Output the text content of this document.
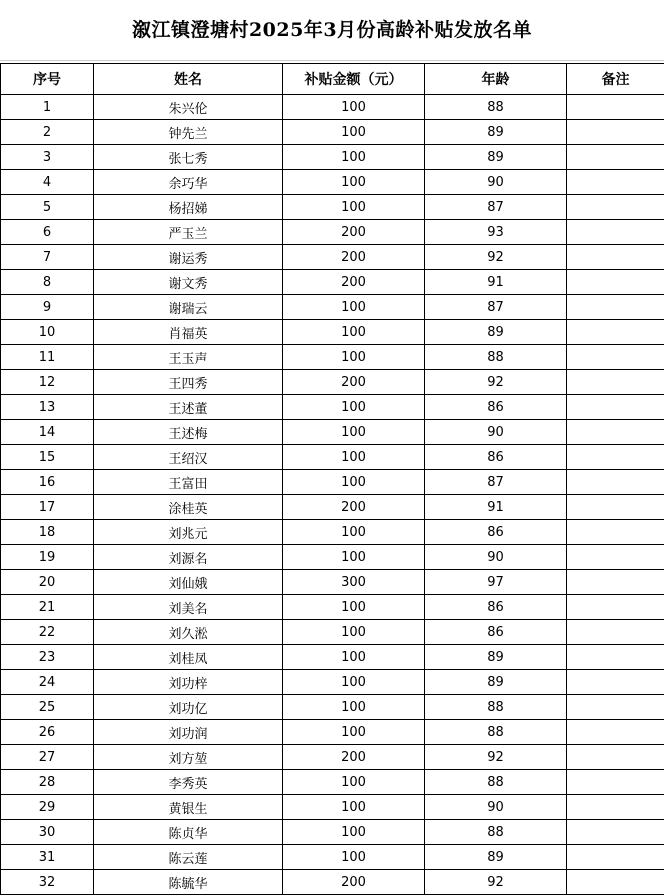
溆江镇澄塘村2025年3月份高龄补贴发放名单
序号	姓名	补贴金额（元）	年龄	备注
1	朱兴伦	100	88	
2	钟先兰	100	89	
3	张七秀	100	89	
4	余巧华	100	90	
5	杨招娣	100	87	
6	严玉兰	200	93	
7	谢运秀	200	92	
8	谢文秀	200	91	
9	谢瑞云	100	87	
10	肖福英	100	89	
11	王玉声	100	88	
12	王四秀	200	92	
13	王述董	100	86	
14	王述梅	100	90	
15	王绍汉	100	86	
16	王富田	100	87	
17	涂桂英	200	91	
18	刘兆元	100	86	
19	刘源名	100	90	
20	刘仙娥	300	97	
21	刘美名	100	86	
22	刘久淞	100	86	
23	刘桂凤	100	89	
24	刘功梓	100	89	
25	刘功亿	100	88	
26	刘功润	100	88	
27	刘方堃	200	92	
28	李秀英	100	88	
29	黄银生	100	90	
30	陈贞华	100	88	
31	陈云莲	100	89	
32	陈毓华	200	92	
